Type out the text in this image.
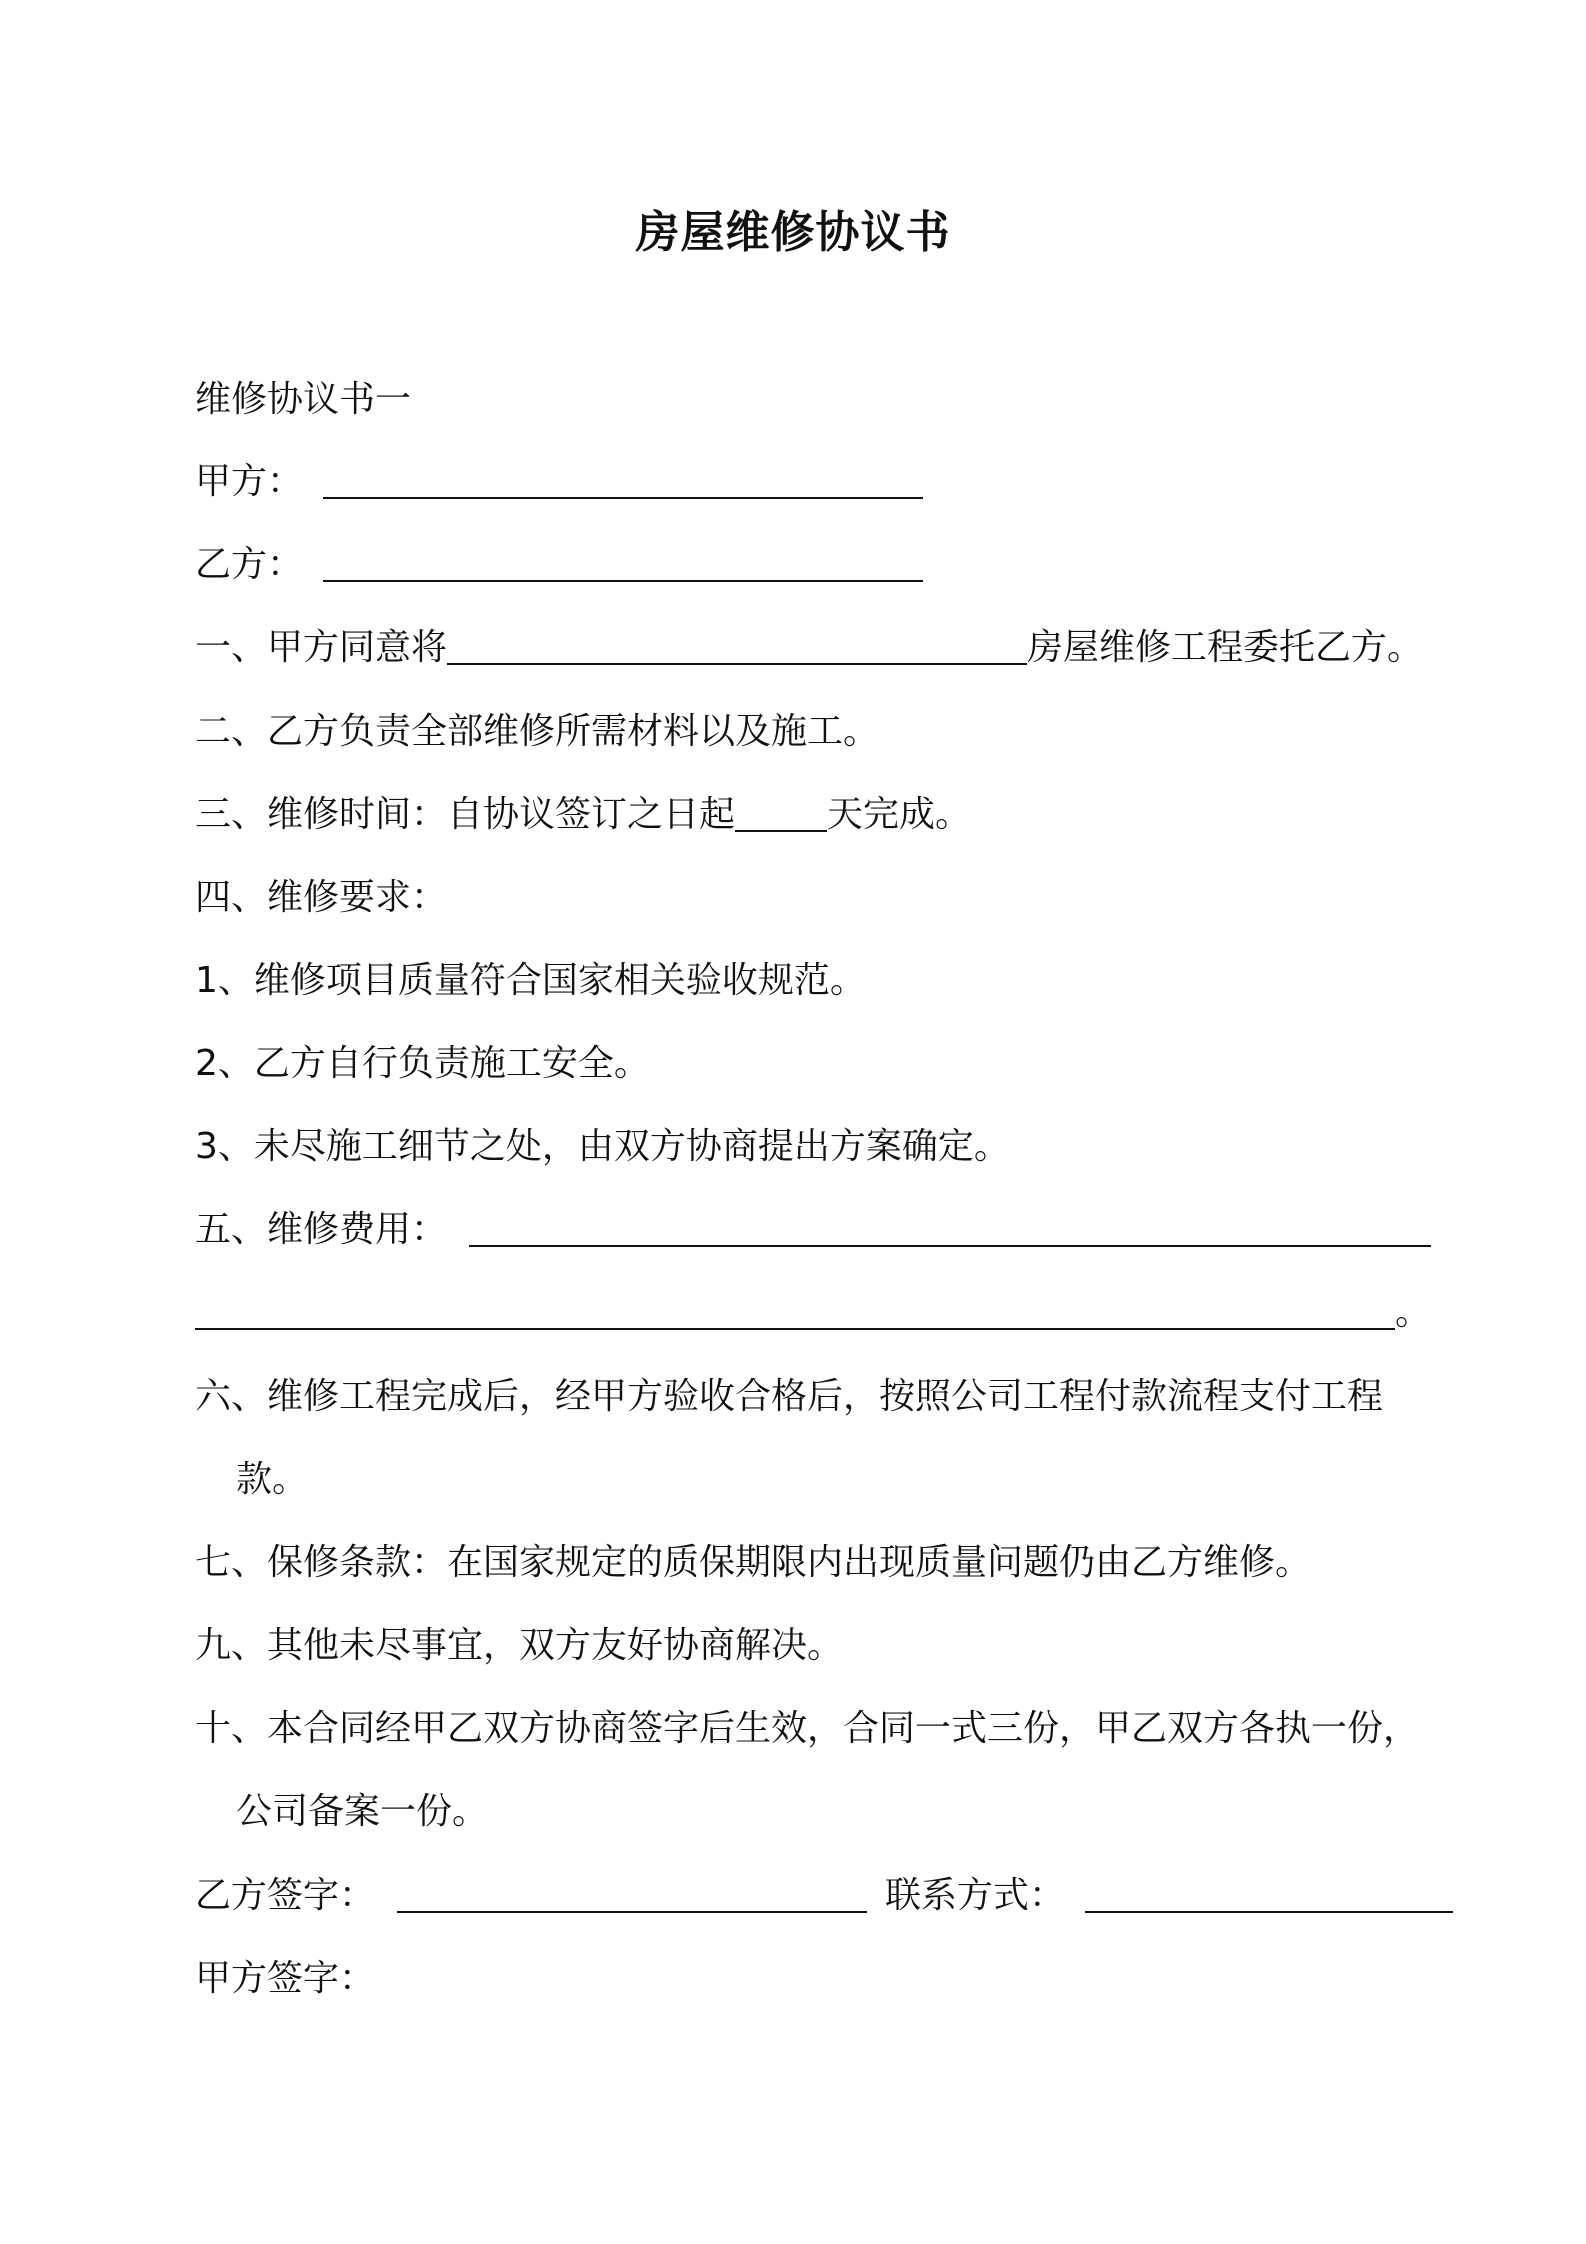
房屋维修协议书
维修协议书一
甲方：
乙方：
一、甲方同意将	房屋维修工程委托乙方。
二、乙方负责全部维修所需材料以及施工。
三、维修时间：自协议签订之日起	天完成。
四、维修要求：
1、维修项目质量符合国家相关验收规范。
2、乙方自行负责施工安全。
3、未尽施工细节之处，由双方协商提出方案确定。
五、维修费用：
。
六、维修工程完成后，经甲方验收合格后，按照公司工程付款流程支付工程
款。
七、保修条款：在国家规定的质保期限内出现质量问题仍由乙方维修。
九、其他未尽事宜，双方友好协商解决。
十、本合同经甲乙双方协商签字后生效，合同一式三份，甲乙双方各执一份，
公司备案一份。
乙方签字：	联系方式：
甲方签字：
